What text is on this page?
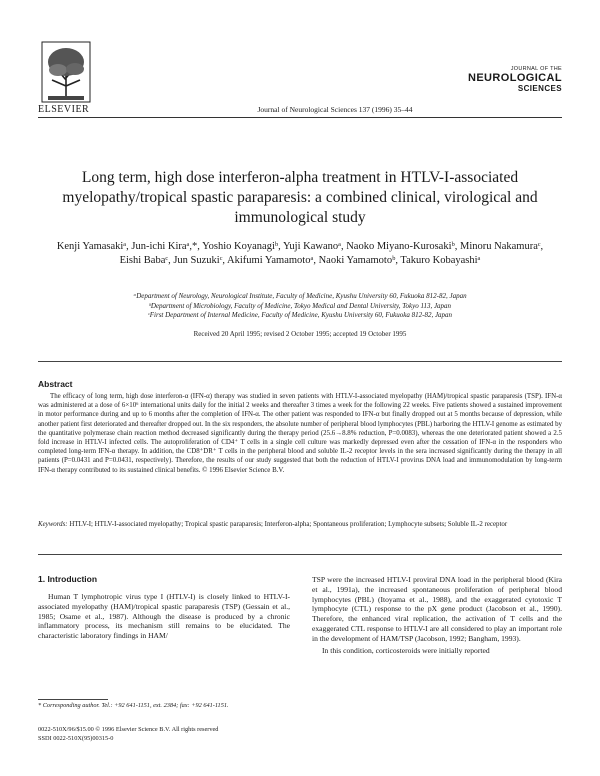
ELSEVIER	Journal of Neurological Sciences 137 (1996) 35–44
JOURNAL OF THE
NEUROLOGICAL
SCIENCES
Long term, high dose interferon-alpha treatment in HTLV-I-associated myelopathy/tropical spastic paraparesis: a combined clinical, virological and immunological study
Kenji Yamasakiᵃ, Jun-ichi Kiraᵃ,*, Yoshio Koyanagiᵇ, Yuji Kawanoᵃ, Naoko Miyano-Kurosakiᵇ, Minoru Nakamuraᶜ, Eishi Babaᶜ, Jun Suzukiᶜ, Akifumi Yamamotoᵃ, Naoki Yamamotoᵇ, Takuro Kobayashiᵃ
ᵃDepartment of Neurology, Neurological Institute, Faculty of Medicine, Kyushu University 60, Fukuoka 812-82, Japan
ᵇDepartment of Microbiology, Faculty of Medicine, Tokyo Medical and Dental University, Tokyo 113, Japan
ᶜFirst Department of Internal Medicine, Faculty of Medicine, Kyushu University 60, Fukuoka 812-82, Japan
Received 20 April 1995; revised 2 October 1995; accepted 19 October 1995
Abstract
The efficacy of long term, high dose interferon-α (IFN-α) therapy was studied in seven patients with HTLV-I-associated myelopathy (HAM)/tropical spastic paraparesis (TSP). IFN-α was administered at a dose of 6×10⁶ international units daily for the initial 2 weeks and thereafter 3 times a week for the following 22 weeks. Five patients showed a sustained improvement in motor performance during and up to 6 months after the completion of IFN-α. The other patient was responded to IFN-α but finally dropped out at 5 months because of depression, while another patient first deteriorated and thereafter dropped out. In the six responders, the absolute number of peripheral blood lymphocytes (PBL) harboring the HTLV-I genome as estimated by the quantitative polymerase chain reaction method decreased significantly during the therapy period (25.6→8.8% reduction, P=0.0083), whereas the one deteriorated patient showed a 2.5 fold increase in HTLV-I infected cells. The autoproliferation of CD4⁺ T cells in a single cell culture was markedly depressed even after the cessation of IFN-α in the responders who completed long-term IFN-α therapy. In addition, the CD8⁺DR⁺ T cells in the peripheral blood and soluble IL-2 receptor levels in the sera increased significantly during the therapy in all patients (P=0.0431 and P=0.0431, respectively). Therefore, the results of our study suggested that both the reduction of HTLV-I provirus DNA load and immunomodulation by long-term IFN-α therapy contributed to its sustained clinical benefits. © 1996 Elsevier Science B.V.
Keywords: HTLV-I; HTLV-I-associated myelopathy; Tropical spastic paraparesis; Interferon-alpha; Spontaneous proliferation; Lymphocyte subsets; Soluble IL-2 receptor
1. Introduction
Human T lymphotropic virus type I (HTLV-I) is closely linked to HTLV-I-associated myelopathy (HAM)/tropical spastic paraparesis (TSP) (Gessain et al., 1985; Osame et al., 1987). Although the disease is produced by a chronic inflammatory process, its mechanism still remains to be elucidated. The characteristic laboratory findings in HAM/

TSP were the increased HTLV-I proviral DNA load in the peripheral blood (Kira et al., 1991a), the increased spontaneous proliferation of peripheral blood lymphocytes (PBL) (Itoyama et al., 1988), and the exaggerated cytotoxic T lymphocyte (CTL) response to the pX gene product (Jacobson et al., 1990). Therefore, the enhanced viral replication, the activation of T cells and the exaggerated CTL response to HTLV-I are all considered to play an important role in the development of HAM/TSP (Jacobson, 1992; Bangham, 1993).

In this condition, corticosteroids were initially reported

* Corresponding author. Tel.: +92 641-1151, ext. 2384; fax: +92 641-1151.
0022-510X/96/$15.00 © 1996 Elsevier Science B.V. All rights reserved
SSDI 0022-510X(95)00315-0
